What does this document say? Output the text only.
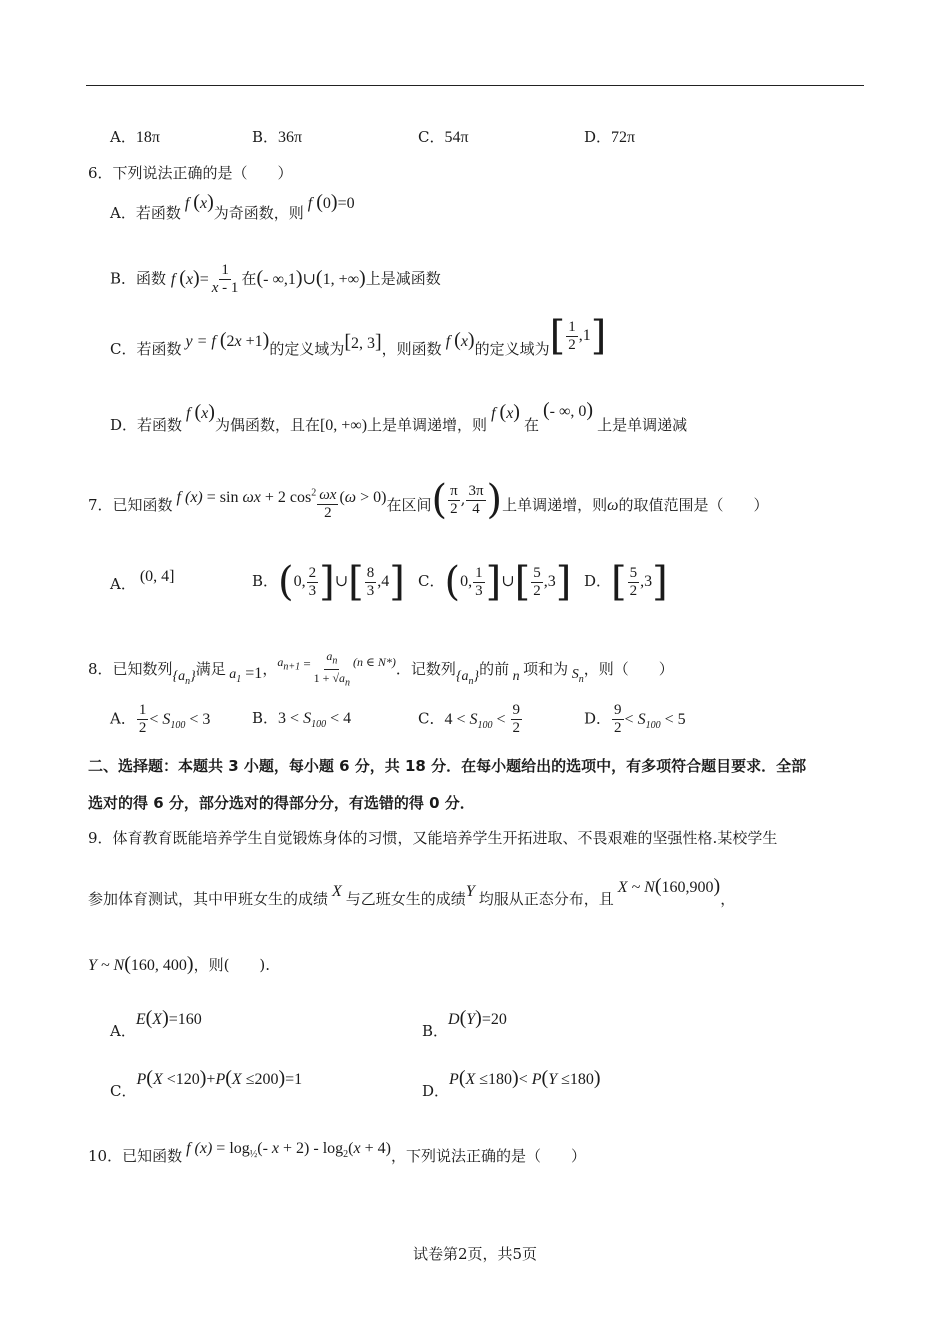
A．18π	B．36π	C．54π	D．72π
6．下列说法正确的是（　　）
A．若函数 f (x)为奇函数，则 f (0)=0
B．函数 f $(x)= \frac{1}{x - 1}$ 在(- ∞,1)∪(1, +∞)上是减函数
C．若函数 y = f (2x +1)的定义域为[2, 3]，则函数 f (x)的定义域为[ $\frac{1}{2} ,1$]
D．若函数 f (x)为偶函数，且在[0, +∞)上是单调递增，则 f (x) 在 (- ∞, 0) 上是单调递减
7．已知函数 f (x) = sin ωx + 2 $\cos^2 \frac{\omega x}{2} (\omega > 0)$在区间( $\frac{\pi}{2}$ , $\frac{3\pi}{4}$ )上单调递增，则ω的取值范围是（　　）
A． (0, 4]	B．(0, $\frac{2}{3}$ ]∪[ $\frac{8}{3} ,4$] C．(0, $\frac{1}{3}$ ]∪[ $\frac{5}{2} ,3$] D．[ $\frac{5}{2} ,3$]
8．已知数列$\{a_n\}$满足 $a_1 =1$，$^{a_{n+1}} = \frac{a_n}{1 + √a_n} ^{(n \in N*)}$．记数列$\{a_n\}$的前 n 项和为 $S_n$，则（　　）
A． $\frac{1}{2} < S_{100} < 3$	B．$3 < S_{100} < 4$	C．$4 < S_{100} < \frac{9}{2}$	D． $\frac{9}{2} < S_{100} < 5$
二、选择题：本题共 3 小题，每小题 6 分，共 18 分．在每小题给出的选项中，有多项符合题目要求．全部
选对的得 6 分，部分选对的得部分分，有选错的得 0 分．
9．体育教育既能培养学生自觉锻炼身体的习惯，又能培养学生开拓进取、不畏艰难的坚强性格.某校学生
参加体育测试，其中甲班女生的成绩 X 与乙班女生的成绩Y 均服从正态分布，且 X ~ N(160,900)，
Y ~ N(160, 400)，则(　　).
A．E(X)=160
B．D(Y)=20
C．P(X <120)+P(X ≤200)=1
D．P(X ≤180)< P(Y ≤180)
10．已知函数 f $(x) = \log_{\frac{1}{2}}(-$ $x + 2) - \log_2(x + 4)$，下列说法正确的是（　　）
试卷第2页，共5页
